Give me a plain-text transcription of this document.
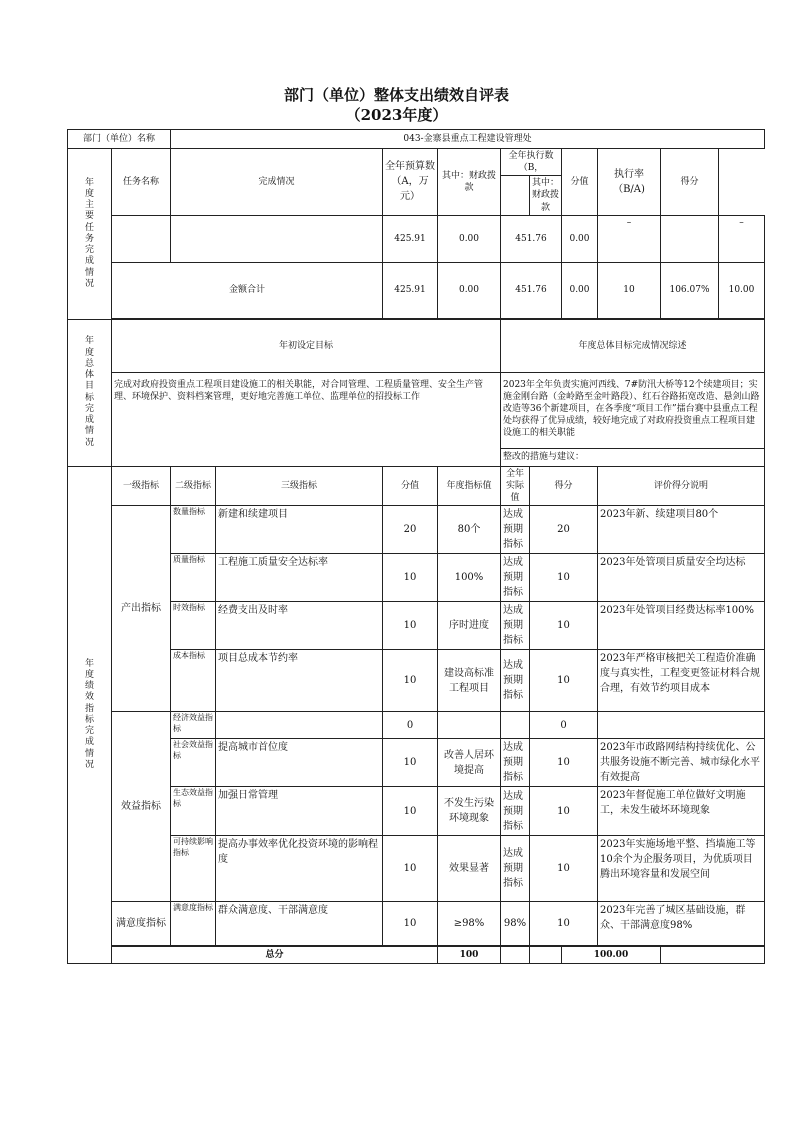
部门（单位）整体支出绩效自评表
（2023年度）
部门（单位）名称		043-金寨县重点工程建设管理处									

年度主要任务完成情况	任务名称	完成情况		全年预算数（A，万元）	其中：财政拨款	全年执行数（B，		分值	执行率（B/A)	得分	
							其中：财政拨款				
				425.91	0.00	451.76		0.00	–		–
	金额合计			425.91	0.00	451.76		0.00	10	106.07%	10.00

年度总体目标完成情况	年初设定目标					年度总体目标完成情况综述					
	完成对政府投资重点工程项目建设施工的相关职能，对合同管理、工程质量管理、安全生产管理、环境保护、资料档案管理，更好地完善施工单位、监理单位的招投标工作					2023年全年负责实施河西线、7#防汛大桥等12个续建项目；实施金刚台路（金岭路至金叶路段）、红石谷路拓宽改造、悬剑山路改造等36个新建项目，在各季度“项目工作”擂台赛中县重点工程处均获得了优异成绩，较好地完成了对政府投资重点工程项目建设施工的相关职能					
						整改的措施与建议：					

年度绩效指标完成情况	一级指标	二级指标	三级指标	分值	年度指标值	全年实际值	得分		评价得分说明		
	产出指标	数量指标	新建和续建项目	20	80个	达成预期指标	20		2023年新、续建项目80个		
		质量指标	工程施工质量安全达标率	10	100%	达成预期指标	10		2023年处管项目质量安全均达标		
		时效指标	经费支出及时率	10	序时进度	达成预期指标	10		2023年处管项目经费达标率100%		
		成本指标	项目总成本节约率	10	建设高标准工程项目	达成预期指标	10		2023年严格审核把关工程造价准确度与真实性，工程变更签证材料合规合理，有效节约项目成本		
	效益指标	经济效益指标		0			0				
		社会效益指标	提高城市首位度	10	改善人居环境提高	达成预期指标	10		2023年市政路网结构持续优化、公共服务设施不断完善、城市绿化水平有效提高		
		生态效益指标	加强日常管理	10	不发生污染环境现象	达成预期指标	10		2023年督促施工单位做好文明施工，未发生破坏环境现象		
		可持续影响指标	提高办事效率优化投资环境的影响程度	10	效果显著	达成预期指标	10		2023年实施场地平整、挡墙施工等10余个为企服务项目，为优质项目腾出环境容量和发展空间		
	满意度指标	满意度指标	群众满意度、干部满意度	10	≥98%	98%	10		2023年完善了城区基础设施，群众、干部满意度98%		

	总分				100			100.00			
